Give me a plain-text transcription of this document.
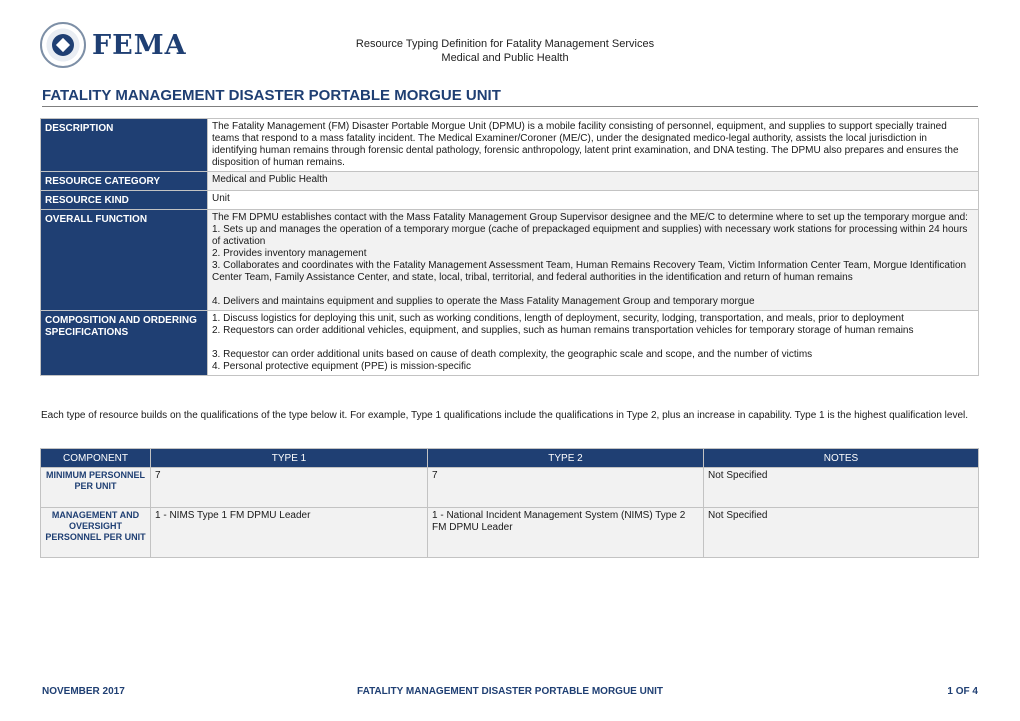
FEMA	Resource Typing Definition for Fatality Management Services
Medical and Public Health
FATALITY MANAGEMENT DISASTER PORTABLE MORGUE UNIT
DESCRIPTION	The Fatality Management (FM) Disaster Portable Morgue Unit (DPMU) is a mobile facility consisting of personnel, equipment, and supplies to support specially trained teams that respond to a mass fatality incident. The Medical Examiner/Coroner (ME/C), under the designated medico-legal authority, assists the local jurisdiction in identifying human remains through forensic dental pathology, forensic anthropology, latent print examination, and DNA testing. The DPMU also prepares and ensures the disposition of human remains.
RESOURCE CATEGORY	Medical and Public Health
RESOURCE KIND	Unit
OVERALL FUNCTION	The FM DPMU establishes contact with the Mass Fatality Management Group Supervisor designee and the ME/C to determine where to set up the temporary morgue and:
1. Sets up and manages the operation of a temporary morgue (cache of prepackaged equipment and supplies) with necessary work stations for processing within 24 hours of activation
2. Provides inventory management
3. Collaborates and coordinates with the Fatality Management Assessment Team, Human Remains Recovery Team, Victim Information Center Team, Morgue Identification Center Team, Family Assistance Center, and state, local, tribal, territorial, and federal authorities in the identification and return of human remains
4. Delivers and maintains equipment and supplies to operate the Mass Fatality Management Group and temporary morgue

COMPOSITION AND ORDERING SPECIFICATIONS	1. Discuss logistics for deploying this unit, such as working conditions, length of deployment, security, lodging, transportation, and meals, prior to deployment
2. Requestors can order additional vehicles, equipment, and supplies, such as human remains transportation vehicles for temporary storage of human remains
3. Requestor can order additional units based on cause of death complexity, the geographic scale and scope, and the number of victims
4. Personal protective equipment (PPE) is mission-specific
Each type of resource builds on the qualifications of the type below it. For example, Type 1 qualifications include the qualifications in Type 2, plus an increase in capability. Type 1 is the highest qualification level.
COMPONENT	TYPE 1	TYPE 2	NOTES
MINIMUM PERSONNEL PER UNIT	7	7	Not Specified
MANAGEMENT AND OVERSIGHT PERSONNEL PER UNIT	1 - NIMS Type 1 FM DPMU Leader	1 - National Incident Management System (NIMS) Type 2 FM DPMU Leader	Not Specified
NOVEMBER 2017	FATALITY MANAGEMENT DISASTER PORTABLE MORGUE UNIT	1 OF 4
